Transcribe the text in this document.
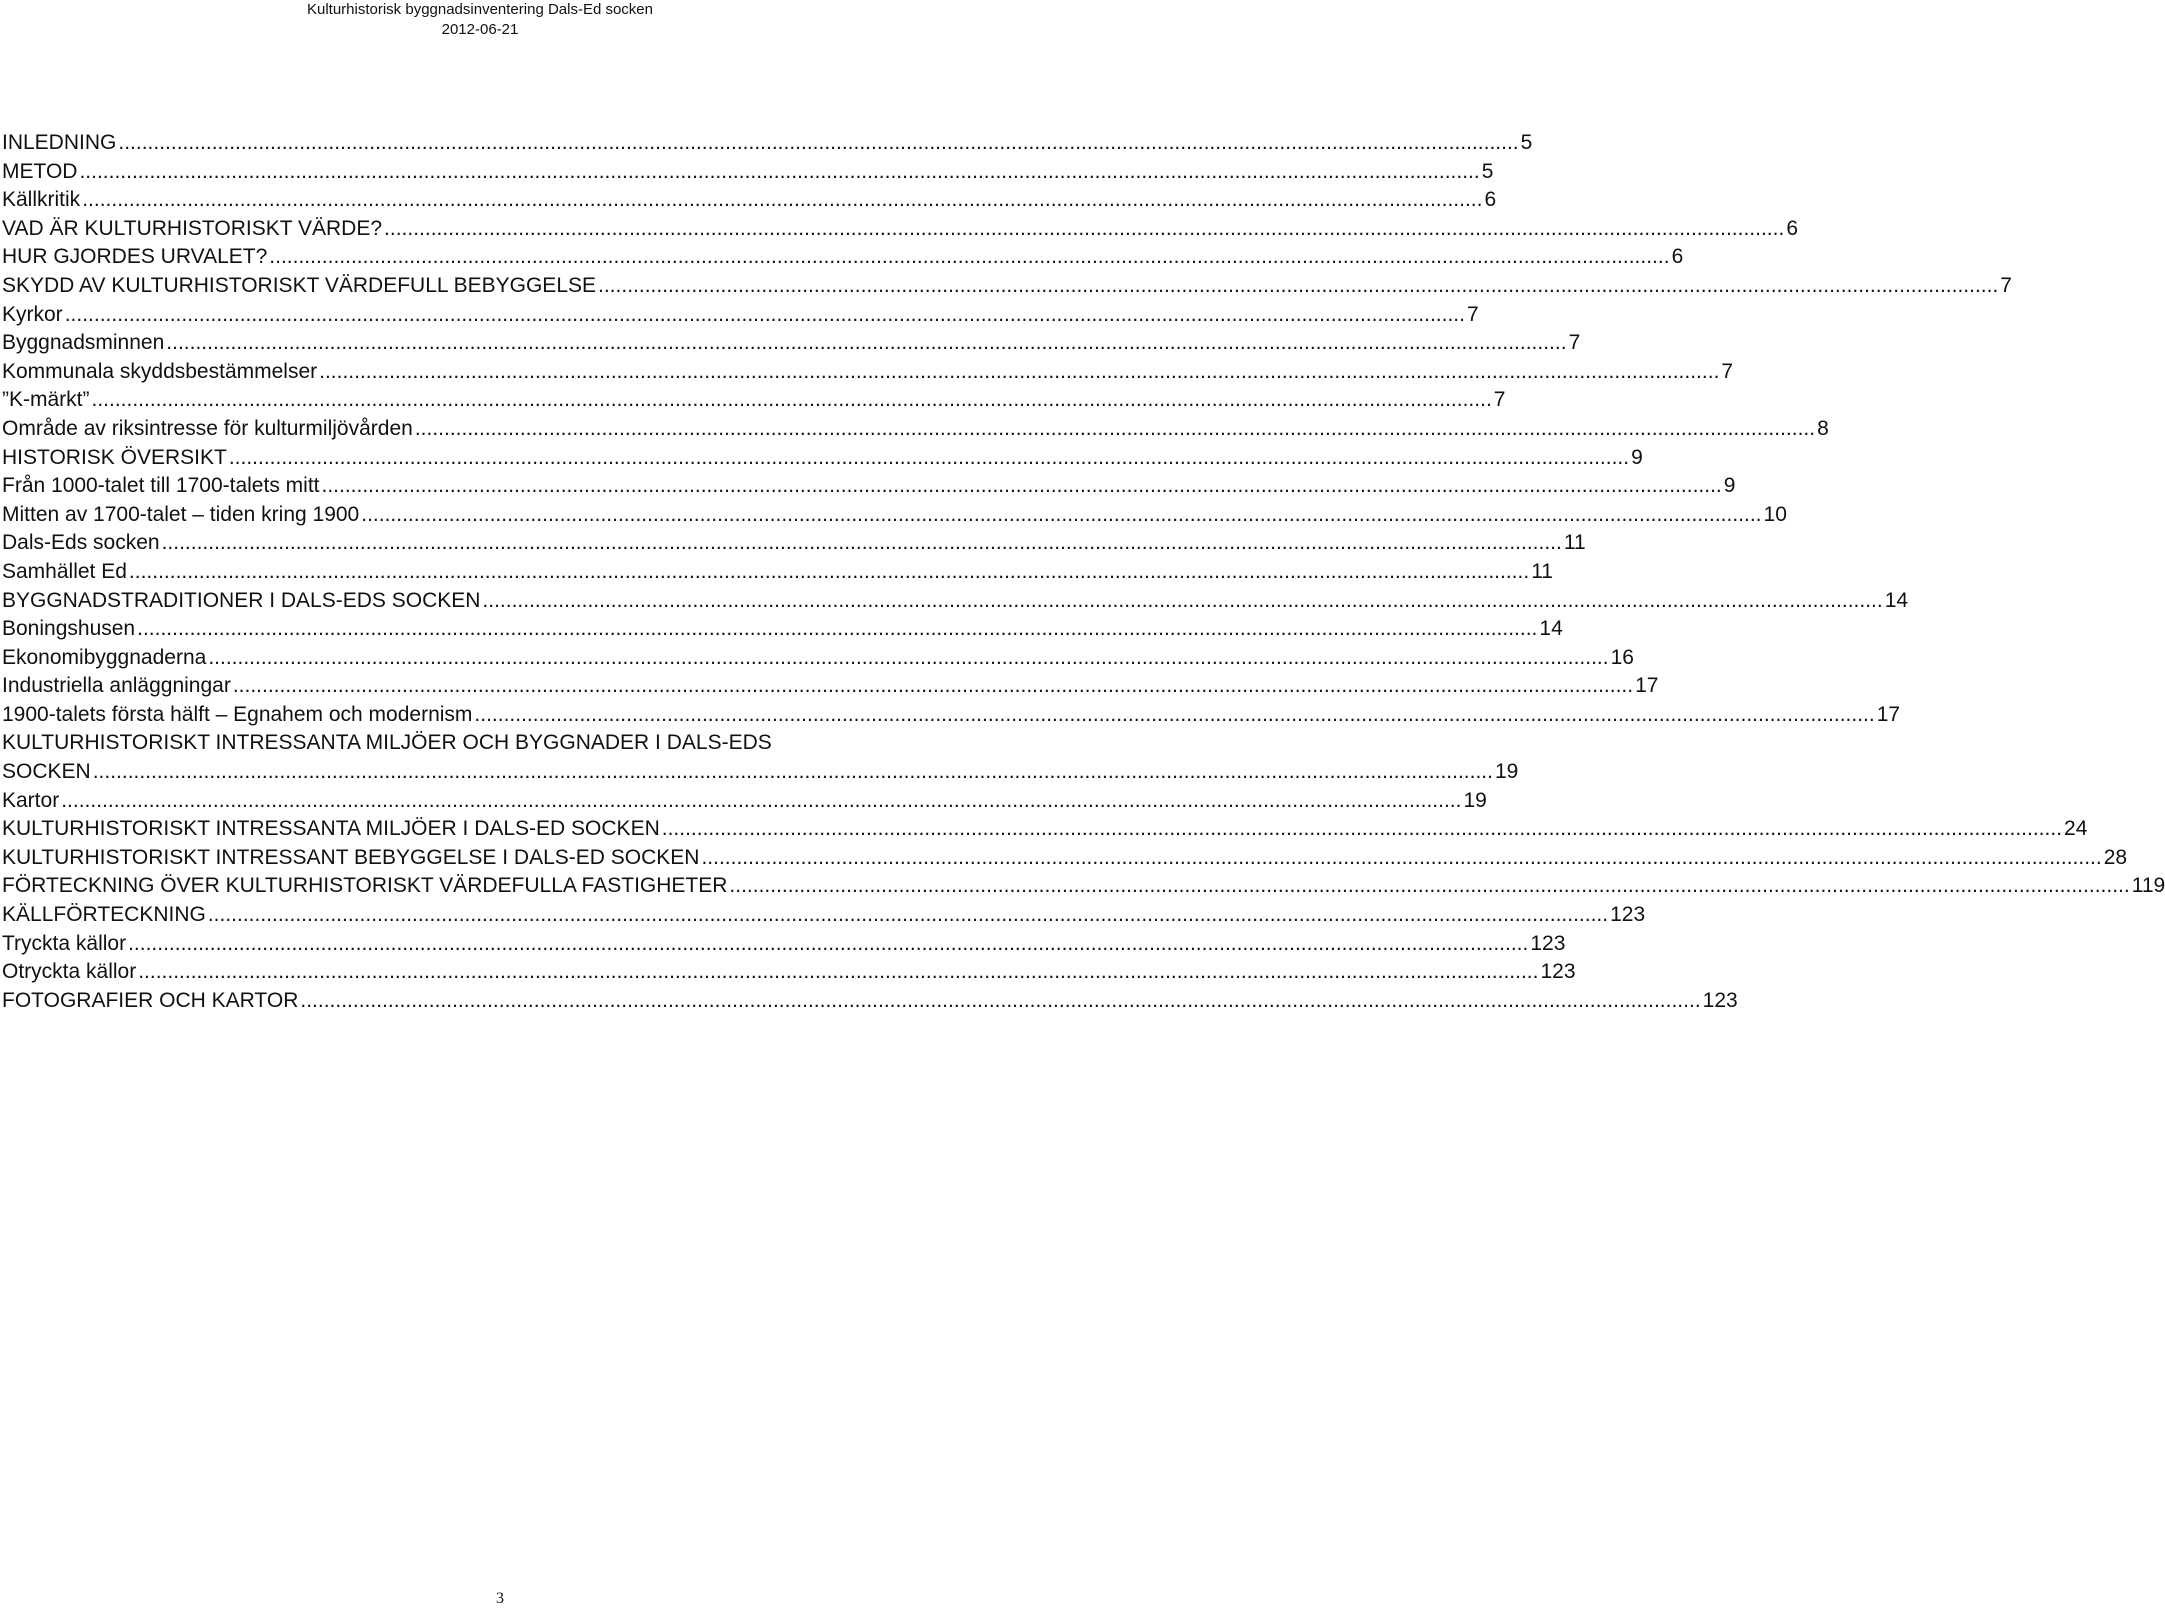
Kulturhistorisk byggnadsinventering Dals-Ed socken
2012-06-21
INLEDNING .....	5
METOD .....	5
Källkritik .....	6
VAD ÄR KULTURHISTORISKT VÄRDE? .....	6
HUR GJORDES URVALET? .....	6
SKYDD AV KULTURHISTORISKT VÄRDEFULL BEBYGGELSE .....	7
Kyrkor .....	7
Byggnadsminnen .....	7
Kommunala skyddsbestämmelser .....	7
”K-märkt” .....	7
Område av riksintresse för kulturmiljövården .....	8
HISTORISK ÖVERSIKT .....	9
Från 1000-talet till 1700-talets mitt .....	9
Mitten av 1700-talet – tiden kring 1900 .....	10
Dals-Eds socken .....	11
Samhället Ed .....	11
BYGGNADSTRADITIONER I DALS-EDS SOCKEN .....	14
Boningshusen .....	14
Ekonomibyggnaderna .....	16
Industriella anläggningar .....	17
1900-talets första hälft – Egnahem och modernism .....	17
KULTURHISTORISKT INTRESSANTA MILJÖER OCH BYGGNADER I DALS-EDS
SOCKEN .....	19
Kartor .....	19
KULTURHISTORISKT INTRESSANTA MILJÖER I DALS-ED SOCKEN .....	24
KULTURHISTORISKT INTRESSANT BEBYGGELSE I DALS-ED SOCKEN .....	28
FÖRTECKNING ÖVER KULTURHISTORISKT VÄRDEFULLA FASTIGHETER .....	119
KÄLLFÖRTECKNING .....	123
Tryckta källor .....	123
Otryckta källor .....	123
FOTOGRAFIER OCH KARTOR .....	123
3
